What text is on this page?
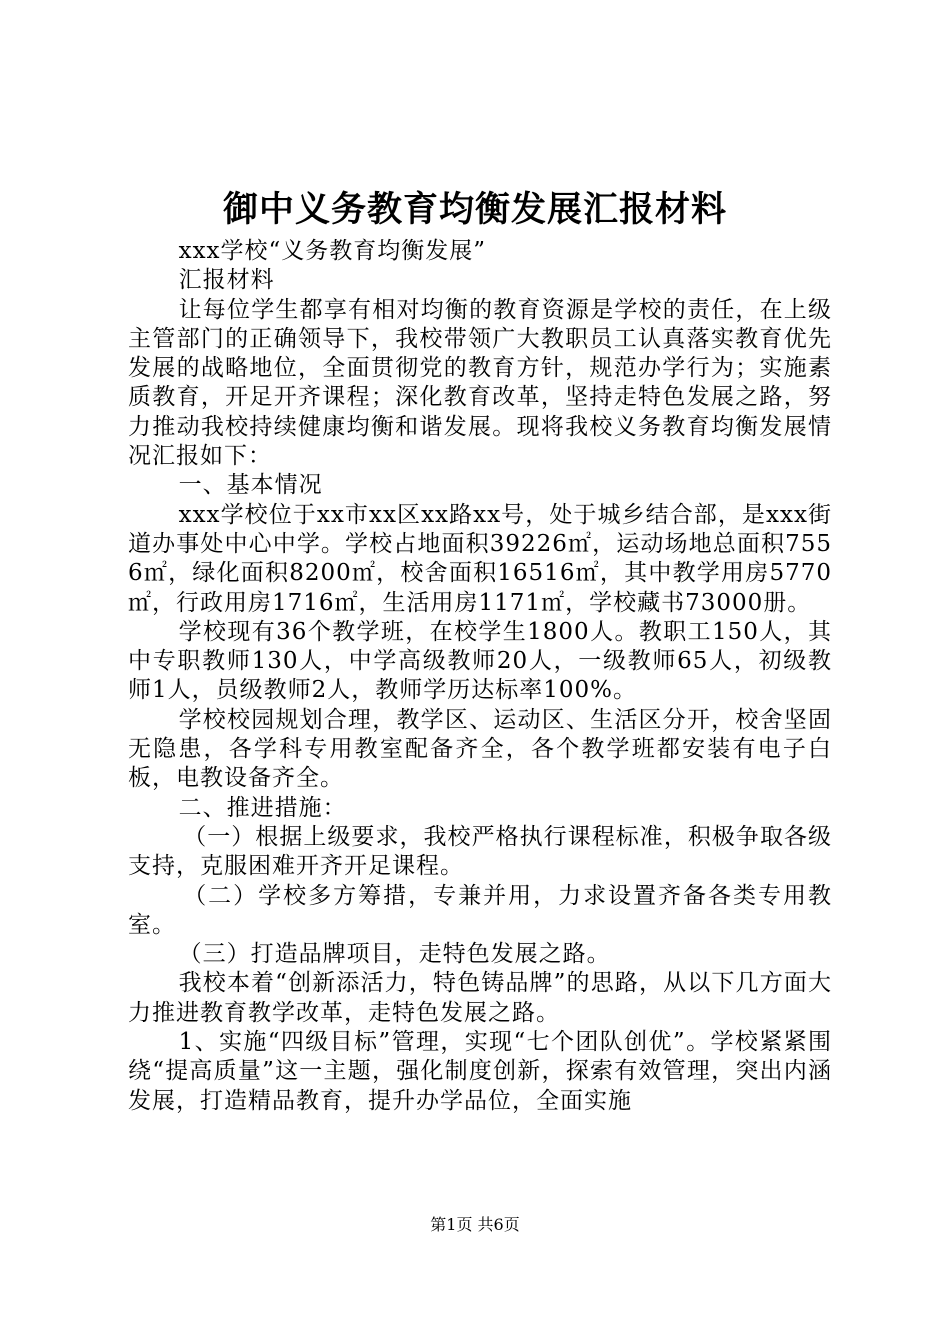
御中义务教育均衡发展汇报材料

xxx学校“义务教育均衡发展”

汇报材料

让每位学生都享有相对均衡的教育资源是学校的责任，在上级主管部门的正确领导下，我校带领广大教职员工认真落实教育优先发展的战略地位，全面贯彻党的教育方针，规范办学行为；实施素质教育，开足开齐课程；深化教育改革，坚持走特色发展之路，努力推动我校持续健康均衡和谐发展。现将我校义务教育均衡发展情况汇报如下：

一、基本情况

xxx学校位于xx市xx区xx路xx号，处于城乡结合部，是xxx街道办事处中心中学。学校占地面积39226㎡，运动场地总面积7556㎡，绿化面积8200㎡，校舍面积16516㎡，其中教学用房5770㎡，行政用房1716㎡，生活用房1171㎡，学校藏书73000册。

学校现有36个教学班，在校学生1800人。教职工150人，其中专职教师130人，中学高级教师20人，一级教师65人，初级教师1人，员级教师2人，教师学历达标率100%。

学校校园规划合理，教学区、运动区、生活区分开，校舍坚固无隐患，各学科专用教室配备齐全，各个教学班都安装有电子白板，电教设备齐全。

二、推进措施：

（一）根据上级要求，我校严格执行课程标准，积极争取各级支持，克服困难开齐开足课程。

（二）学校多方筹措，专兼并用，力求设置齐备各类专用教室。

（三）打造品牌项目，走特色发展之路。

我校本着“创新添活力，特色铸品牌”的思路，从以下几方面大力推进教育教学改革，走特色发展之路。

1、实施“四级目标”管理，实现“七个团队创优”。学校紧紧围绕“提高质量”这一主题，强化制度创新，探索有效管理，突出内涵发展，打造精品教育，提升办学品位，全面实施

第1页 共6页
